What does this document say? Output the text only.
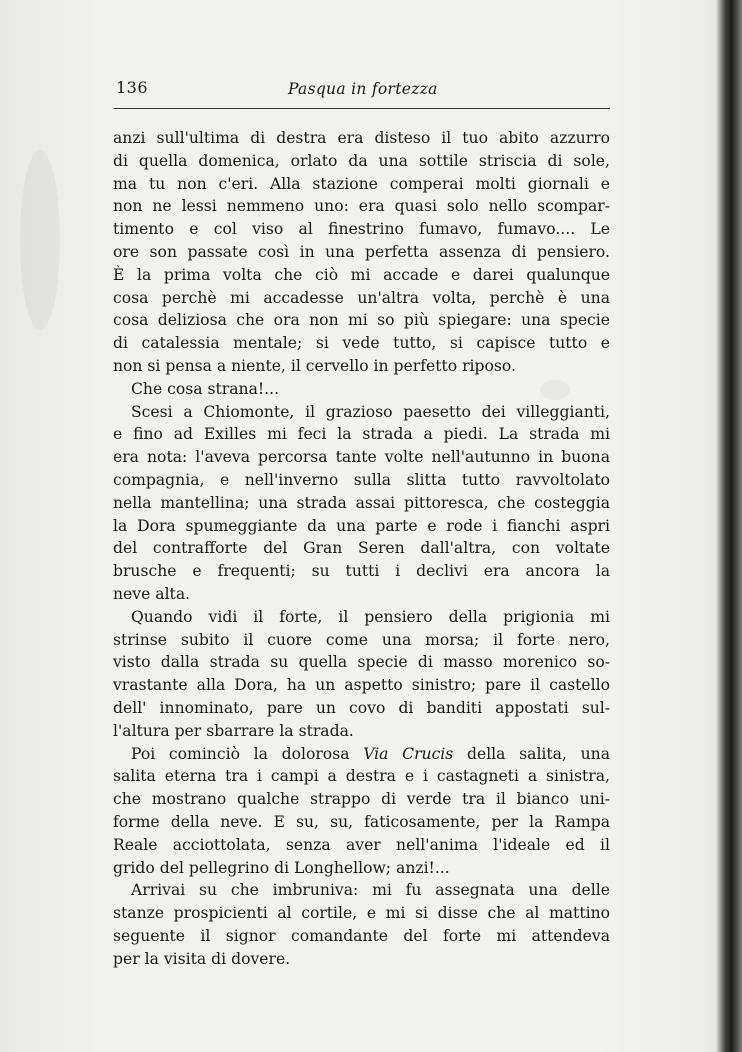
136	Pasqua in fortezza
anzi sull'ultima di destra era disteso il tuo abito azzurro
di quella domenica, orlato da una sottile striscia di sole,
ma tu non c'eri. Alla stazione comperai molti giornali e
non ne lessi nemmeno uno: era quasi solo nello scompar-
timento e col viso al finestrino fumavo, fumavo.... Le
ore son passate così in una perfetta assenza di pensiero.
È la prima volta che ciò mi accade e darei qualunque
cosa perchè mi accadesse un'altra volta, perchè è una
cosa deliziosa che ora non mi so più spiegare: una specie
di catalessia mentale; si vede tutto, si capisce tutto e
non si pensa a niente, il cervello in perfetto riposo.
Che cosa strana!...
Scesi a Chiomonte, il grazioso paesetto dei villeggianti,
e fino ad Exilles mi feci la strada a piedi. La strada mi
era nota: l'aveva percorsa tante volte nell'autunno in buona
compagnia, e nell'inverno sulla slitta tutto ravvoltolato
nella mantellina; una strada assai pittoresca, che costeggia
la Dora spumeggiante da una parte e rode i fianchi aspri
del contrafforte del Gran Seren dall'altra, con voltate
brusche e frequenti; su tutti i declivi era ancora la
neve alta.
Quando vidi il forte, il pensiero della prigionia mi
strinse subito il cuore come una morsa; il forte nero,
visto dalla strada su quella specie di masso morenico so-
vrastante alla Dora, ha un aspetto sinistro; pare il castello
dell' innominato, pare un covo di banditi appostati sul-
l'altura per sbarrare la strada.
Poi cominciò la dolorosa Via Crucis della salita, una
salita eterna tra i campi a destra e i castagneti a sinistra,
che mostrano qualche strappo di verde tra il bianco uni-
forme della neve. E su, su, faticosamente, per la Rampa
Reale acciottolata, senza aver nell'anima l'ideale ed il
grido del pellegrino di Longhellow; anzi!...
Arrivai su che imbruniva: mi fu assegnata una delle
stanze prospicienti al cortile, e mi si disse che al mattino
seguente il signor comandante del forte mi attendeva
per la visita di dovere.
